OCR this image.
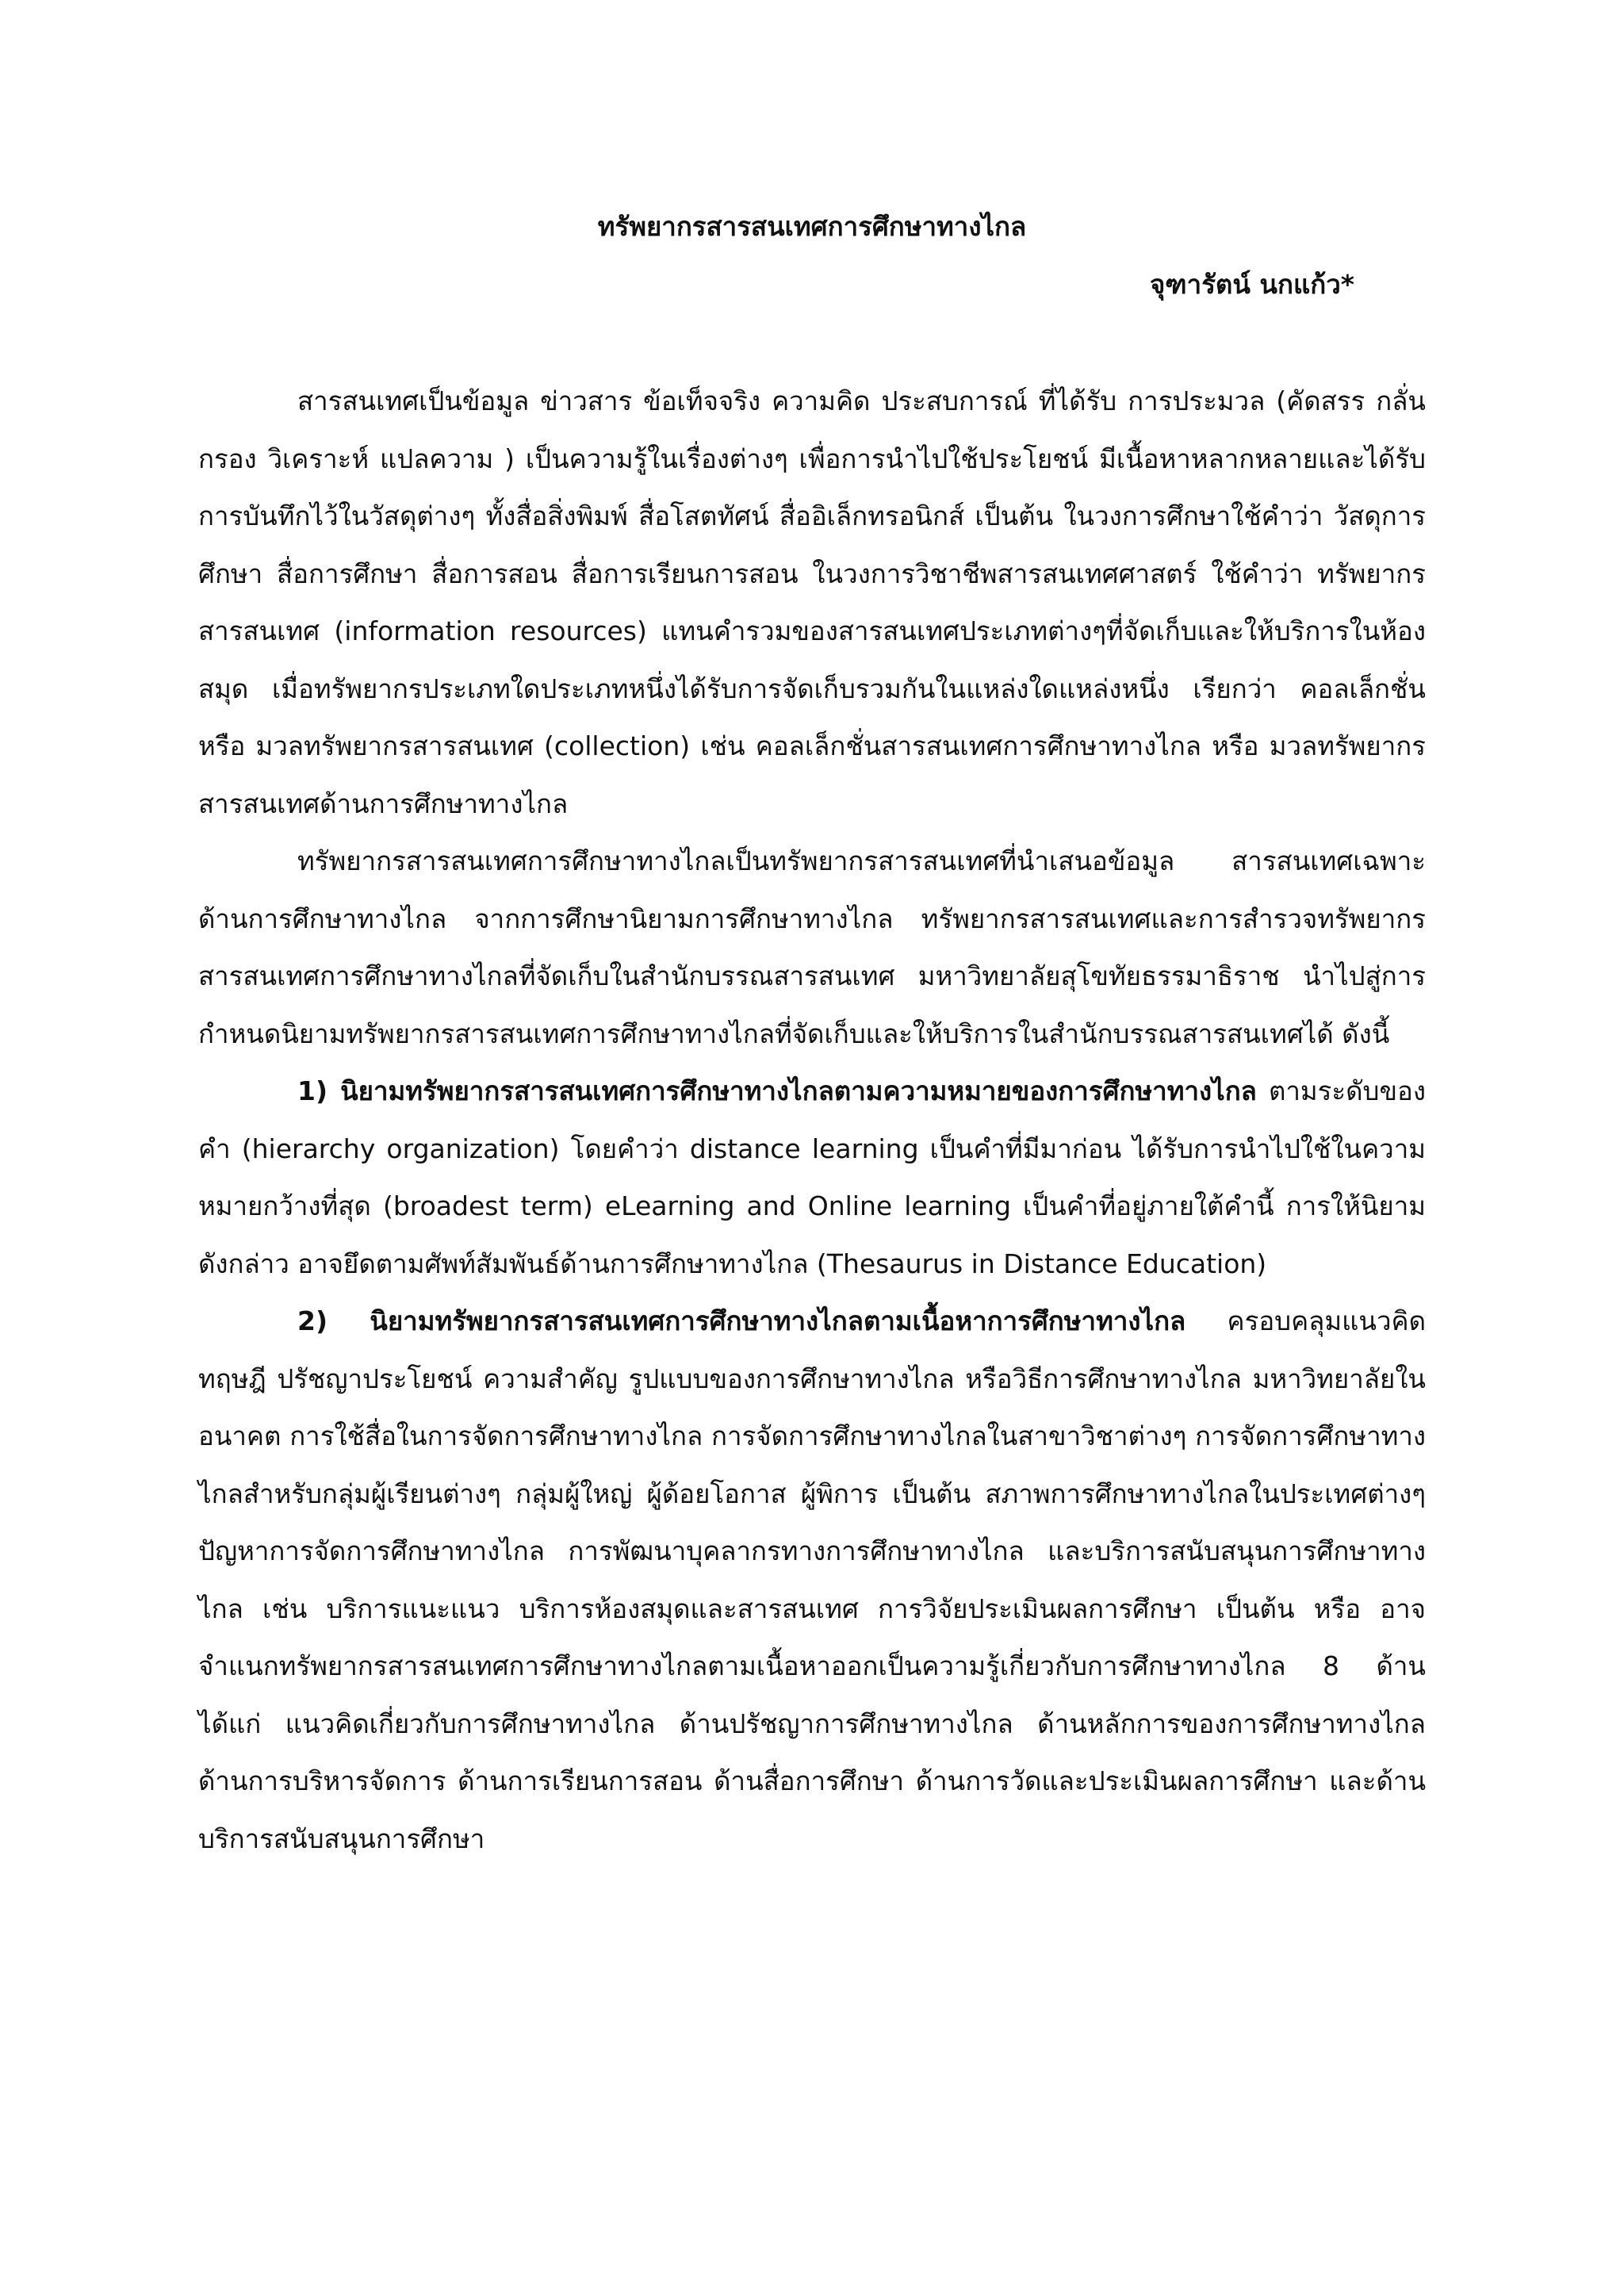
ทรัพยากรสารสนเทศการศึกษาทางไกล

จุฑารัตน์ นกแก้ว*

สารสนเทศเป็นข้อมูล ข่าวสาร ข้อเท็จจริง ความคิด ประสบการณ์ ที่ได้รับ การประมวล (คัดสรร กลั่นกรอง วิเคราะห์ แปลความ ) เป็นความรู้ในเรื่องต่างๆ เพื่อการนำไปใช้ประโยชน์ มีเนื้อหาหลากหลายและได้รับการบันทึกไว้ในวัสดุต่างๆ ทั้งสื่อสิ่งพิมพ์ สื่อโสตทัศน์ สื่ออิเล็กทรอนิกส์ เป็นต้น ในวงการศึกษาใช้คำว่า วัสดุการศึกษา สื่อการศึกษา สื่อการสอน สื่อการเรียนการสอน ในวงการวิชาชีพสารสนเทศศาสตร์ ใช้คำว่า ทรัพยากรสารสนเทศ (information resources) แทนคำรวมของสารสนเทศประเภทต่างๆที่จัดเก็บและให้บริการในห้องสมุด เมื่อทรัพยากรประเภทใดประเภทหนึ่งได้รับการจัดเก็บรวมกันในแหล่งใดแหล่งหนึ่ง เรียกว่า คอลเล็กชั่น หรือ มวลทรัพยากรสารสนเทศ (collection) เช่น คอลเล็กชั่นสารสนเทศการศึกษาทางไกล หรือ มวลทรัพยากรสารสนเทศด้านการศึกษาทางไกล

ทรัพยากรสารสนเทศการศึกษาทางไกลเป็นทรัพยากรสารสนเทศที่นำเสนอข้อมูล สารสนเทศเฉพาะด้านการศึกษาทางไกล จากการศึกษานิยามการศึกษาทางไกล ทรัพยากรสารสนเทศและการสำรวจทรัพยากรสารสนเทศการศึกษาทางไกลที่จัดเก็บในสำนักบรรณสารสนเทศ มหาวิทยาลัยสุโขทัยธรรมาธิราช นำไปสู่การกำหนดนิยามทรัพยากรสารสนเทศการศึกษาทางไกลที่จัดเก็บและให้บริการในสำนักบรรณสารสนเทศได้ ดังนี้

1) นิยามทรัพยากรสารสนเทศการศึกษาทางไกลตามความหมายของการศึกษาทางไกล ตามระดับของคำ (hierarchy organization) โดยคำว่า distance learning เป็นคำที่มีมาก่อน ได้รับการนำไปใช้ในความหมายกว้างที่สุด (broadest term) eLearning and Online learning เป็นคำที่อยู่ภายใต้คำนี้ การให้นิยามดังกล่าว อาจยึดตามศัพท์สัมพันธ์ด้านการศึกษาทางไกล (Thesaurus in Distance Education)

2) นิยามทรัพยากรสารสนเทศการศึกษาทางไกลตามเนื้อหาการศึกษาทางไกล ครอบคลุมแนวคิด ทฤษฎี ปรัชญาประโยชน์ ความสำคัญ รูปแบบของการศึกษาทางไกล หรือวิธีการศึกษาทางไกล มหาวิทยาลัยในอนาคต การใช้สื่อในการจัดการศึกษาทางไกล การจัดการศึกษาทางไกลในสาขาวิชาต่างๆ การจัดการศึกษาทางไกลสำหรับกลุ่มผู้เรียนต่างๆ กลุ่มผู้ใหญ่ ผู้ด้อยโอกาส ผู้พิการ เป็นต้น สภาพการศึกษาทางไกลในประเทศต่างๆ ปัญหาการจัดการศึกษาทางไกล การพัฒนาบุคลากรทางการศึกษาทางไกล และบริการสนับสนุนการศึกษาทางไกล เช่น บริการแนะแนว บริการห้องสมุดและสารสนเทศ การวิจัยประเมินผลการศึกษา เป็นต้น หรือ อาจจำแนกทรัพยากรสารสนเทศการศึกษาทางไกลตามเนื้อหาออกเป็นความรู้เกี่ยวกับการศึกษาทางไกล 8 ด้าน ได้แก่ แนวคิดเกี่ยวกับการศึกษาทางไกล ด้านปรัชญาการศึกษาทางไกล ด้านหลักการของการศึกษาทางไกล ด้านการบริหารจัดการ ด้านการเรียนการสอน ด้านสื่อการศึกษา ด้านการวัดและประเมินผลการศึกษา และด้านบริการสนับสนุนการศึกษา
